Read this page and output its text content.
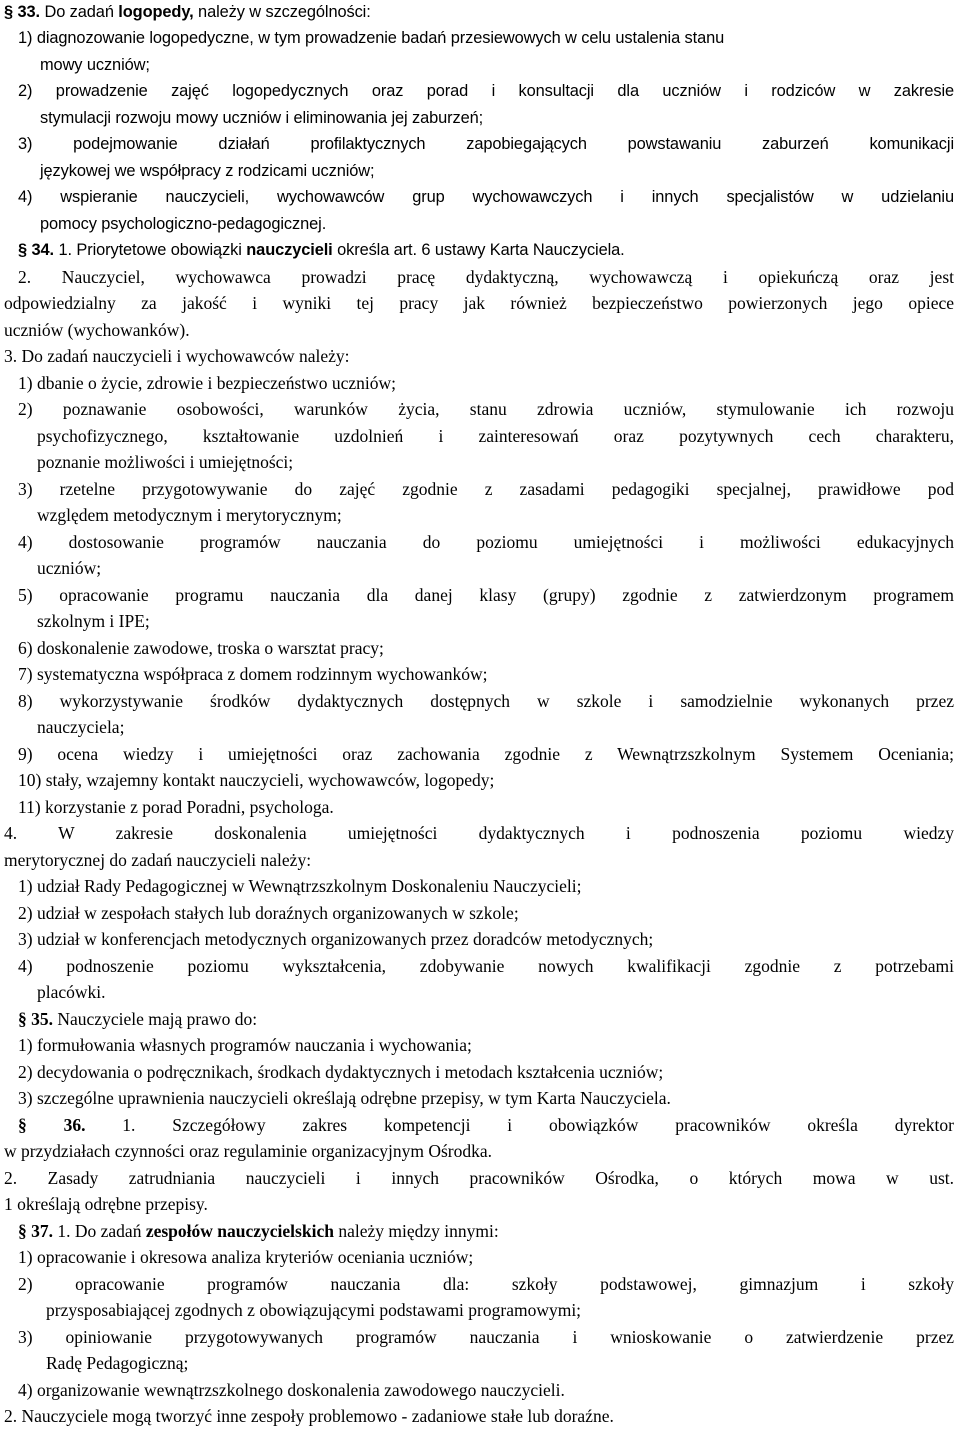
§ 33. Do zadań logopedy, należy w szczególności:
1) diagnozowanie logopedyczne, w tym prowadzenie badań przesiewowych w celu ustalenia stanu
mowy uczniów;
2) prowadzenie zajęć logopedycznych oraz porad i konsultacji dla uczniów i rodziców w zakresie
stymulacji rozwoju mowy uczniów i eliminowania jej zaburzeń;
3) podejmowanie działań profilaktycznych zapobiegających powstawaniu zaburzeń komunikacji
językowej we współpracy z rodzicami uczniów;
4) wspieranie nauczycieli, wychowawców grup wychowawczych i innych specjalistów w udzielaniu
pomocy psychologiczno-pedagogicznej.
§ 34. 1. Priorytetowe obowiązki nauczycieli określa art. 6 ustawy Karta Nauczyciela.
2. Nauczyciel, wychowawca prowadzi pracę dydaktyczną, wychowawczą i opiekuńczą oraz jest
odpowiedzialny za jakość i wyniki tej pracy jak również bezpieczeństwo powierzonych jego opiece
uczniów (wychowanków).
3. Do zadań nauczycieli i wychowawców należy:
1) dbanie o życie, zdrowie i bezpieczeństwo uczniów;
2) poznawanie osobowości, warunków życia, stanu zdrowia uczniów, stymulowanie ich rozwoju
psychofizycznego, kształtowanie uzdolnień i zainteresowań oraz pozytywnych cech charakteru,
poznanie możliwości i umiejętności;
3) rzetelne przygotowywanie do zajęć zgodnie z zasadami pedagogiki specjalnej, prawidłowe pod
względem metodycznym i merytorycznym;
4) dostosowanie programów nauczania do poziomu umiejętności i możliwości edukacyjnych
uczniów;
5) opracowanie programu nauczania dla danej klasy (grupy) zgodnie z zatwierdzonym programem
szkolnym i IPE;
6) doskonalenie zawodowe, troska o warsztat pracy;
7) systematyczna współpraca z domem rodzinnym wychowanków;
8) wykorzystywanie środków dydaktycznych dostępnych w szkole i samodzielnie wykonanych przez
nauczyciela;
9) ocena wiedzy i umiejętności oraz zachowania zgodnie z Wewnątrzszkolnym Systemem Oceniania;
10) stały, wzajemny kontakt nauczycieli, wychowawców, logopedy;
11) korzystanie z porad Poradni, psychologa.
4. W zakresie doskonalenia umiejętności dydaktycznych i podnoszenia poziomu wiedzy
merytorycznej do zadań nauczycieli należy:
1) udział Rady Pedagogicznej w Wewnątrzszkolnym Doskonaleniu Nauczycieli;
2) udział w zespołach stałych lub doraźnych organizowanych w szkole;
3) udział w konferencjach metodycznych organizowanych przez doradców metodycznych;
4) podnoszenie poziomu wykształcenia, zdobywanie nowych kwalifikacji zgodnie z potrzebami
placówki.
§ 35. Nauczyciele mają prawo do:
1) formułowania własnych programów nauczania i wychowania;
2) decydowania o podręcznikach, środkach dydaktycznych i metodach kształcenia uczniów;
3) szczególne uprawnienia nauczycieli określają odrębne przepisy, w tym Karta Nauczyciela.
§ 36. 1. Szczegółowy zakres kompetencji i obowiązków pracowników określa dyrektor
w przydziałach czynności oraz regulaminie organizacyjnym Ośrodka.
2. Zasady zatrudniania nauczycieli i innych pracowników Ośrodka, o których mowa w ust.
1 określają odrębne przepisy.
§ 37. 1. Do zadań zespołów nauczycielskich należy między innymi:
1) opracowanie i okresowa analiza kryteriów oceniania uczniów;
2) opracowanie programów nauczania dla: szkoły podstawowej, gimnazjum i szkoły
przysposabiającej zgodnych z obowiązującymi podstawami programowymi;
3) opiniowanie przygotowywanych programów nauczania i wnioskowanie o zatwierdzenie przez
Radę Pedagogiczną;
4) organizowanie wewnątrzszkolnego doskonalenia zawodowego nauczycieli.
2. Nauczyciele mogą tworzyć inne zespoły problemowo - zadaniowe stałe lub doraźne.
